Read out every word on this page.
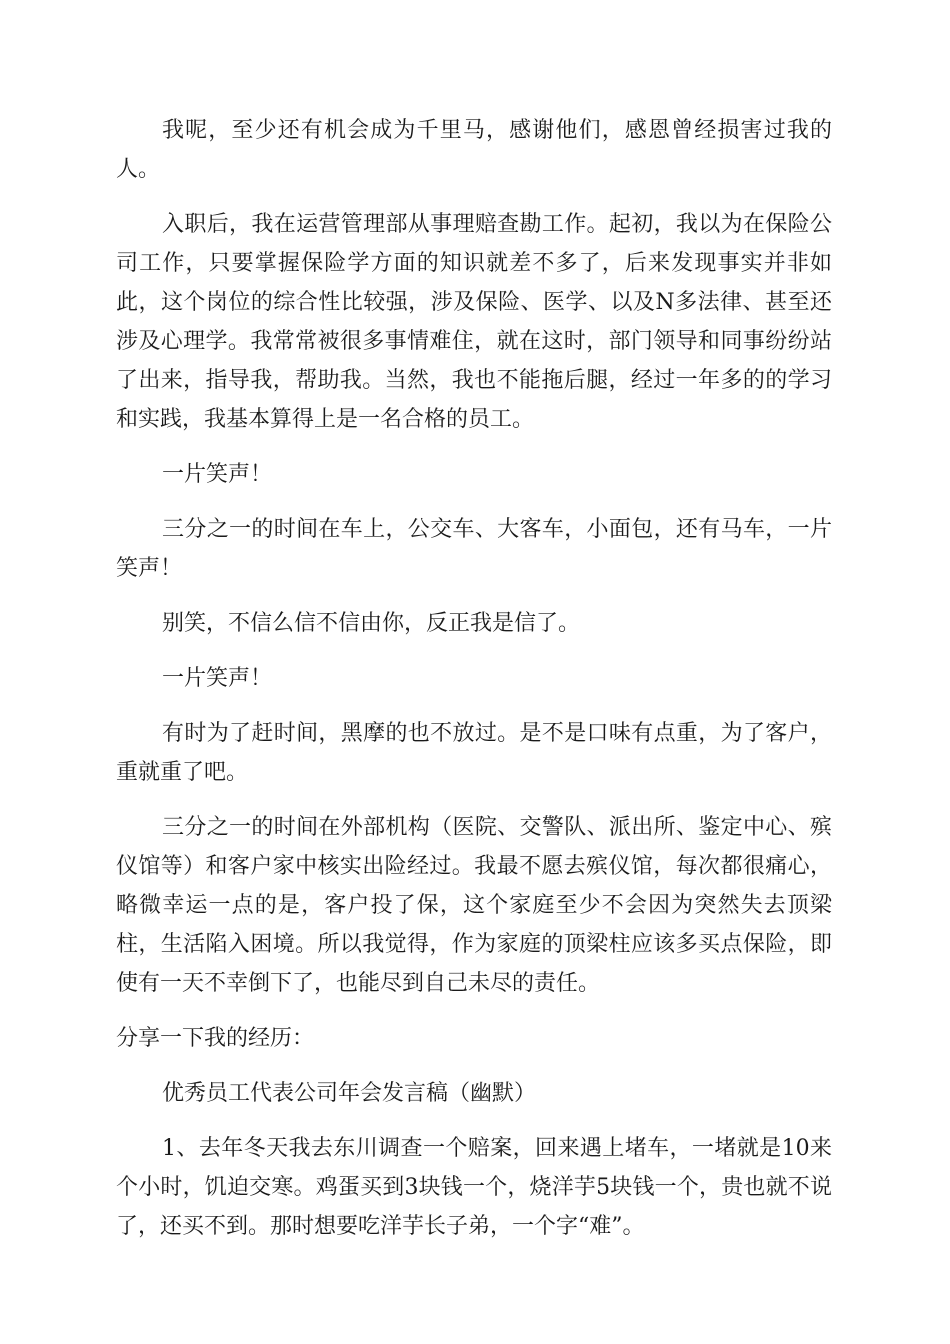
我呢，至少还有机会成为千里马，感谢他们，感恩曾经损害过我的人。

入职后，我在运营管理部从事理赔查勘工作。起初，我以为在保险公司工作，只要掌握保险学方面的知识就差不多了，后来发现事实并非如此，这个岗位的综合性比较强，涉及保险、医学、以及N多法律、甚至还涉及心理学。我常常被很多事情难住，就在这时，部门领导和同事纷纷站了出来，指导我，帮助我。当然，我也不能拖后腿，经过一年多的的学习和实践，我基本算得上是一名合格的员工。

一片笑声！

三分之一的时间在车上，公交车、大客车，小面包，还有马车，一片笑声！

别笑，不信么信不信由你，反正我是信了。

一片笑声！

有时为了赶时间，黑摩的也不放过。是不是口味有点重，为了客户，重就重了吧。

三分之一的时间在外部机构（医院、交警队、派出所、鉴定中心、殡仪馆等）和客户家中核实出险经过。我最不愿去殡仪馆，每次都很痛心，略微幸运一点的是，客户投了保，这个家庭至少不会因为突然失去顶梁柱，生活陷入困境。所以我觉得，作为家庭的顶梁柱应该多买点保险，即使有一天不幸倒下了，也能尽到自己未尽的责任。

分享一下我的经历：

优秀员工代表公司年会发言稿（幽默）

1、去年冬天我去东川调查一个赔案，回来遇上堵车，一堵就是10来个小时，饥迫交寒。鸡蛋买到3块钱一个，烧洋芋5块钱一个，贵也就不说了，还买不到。那时想要吃洋芋长子弟，一个字“难”。
